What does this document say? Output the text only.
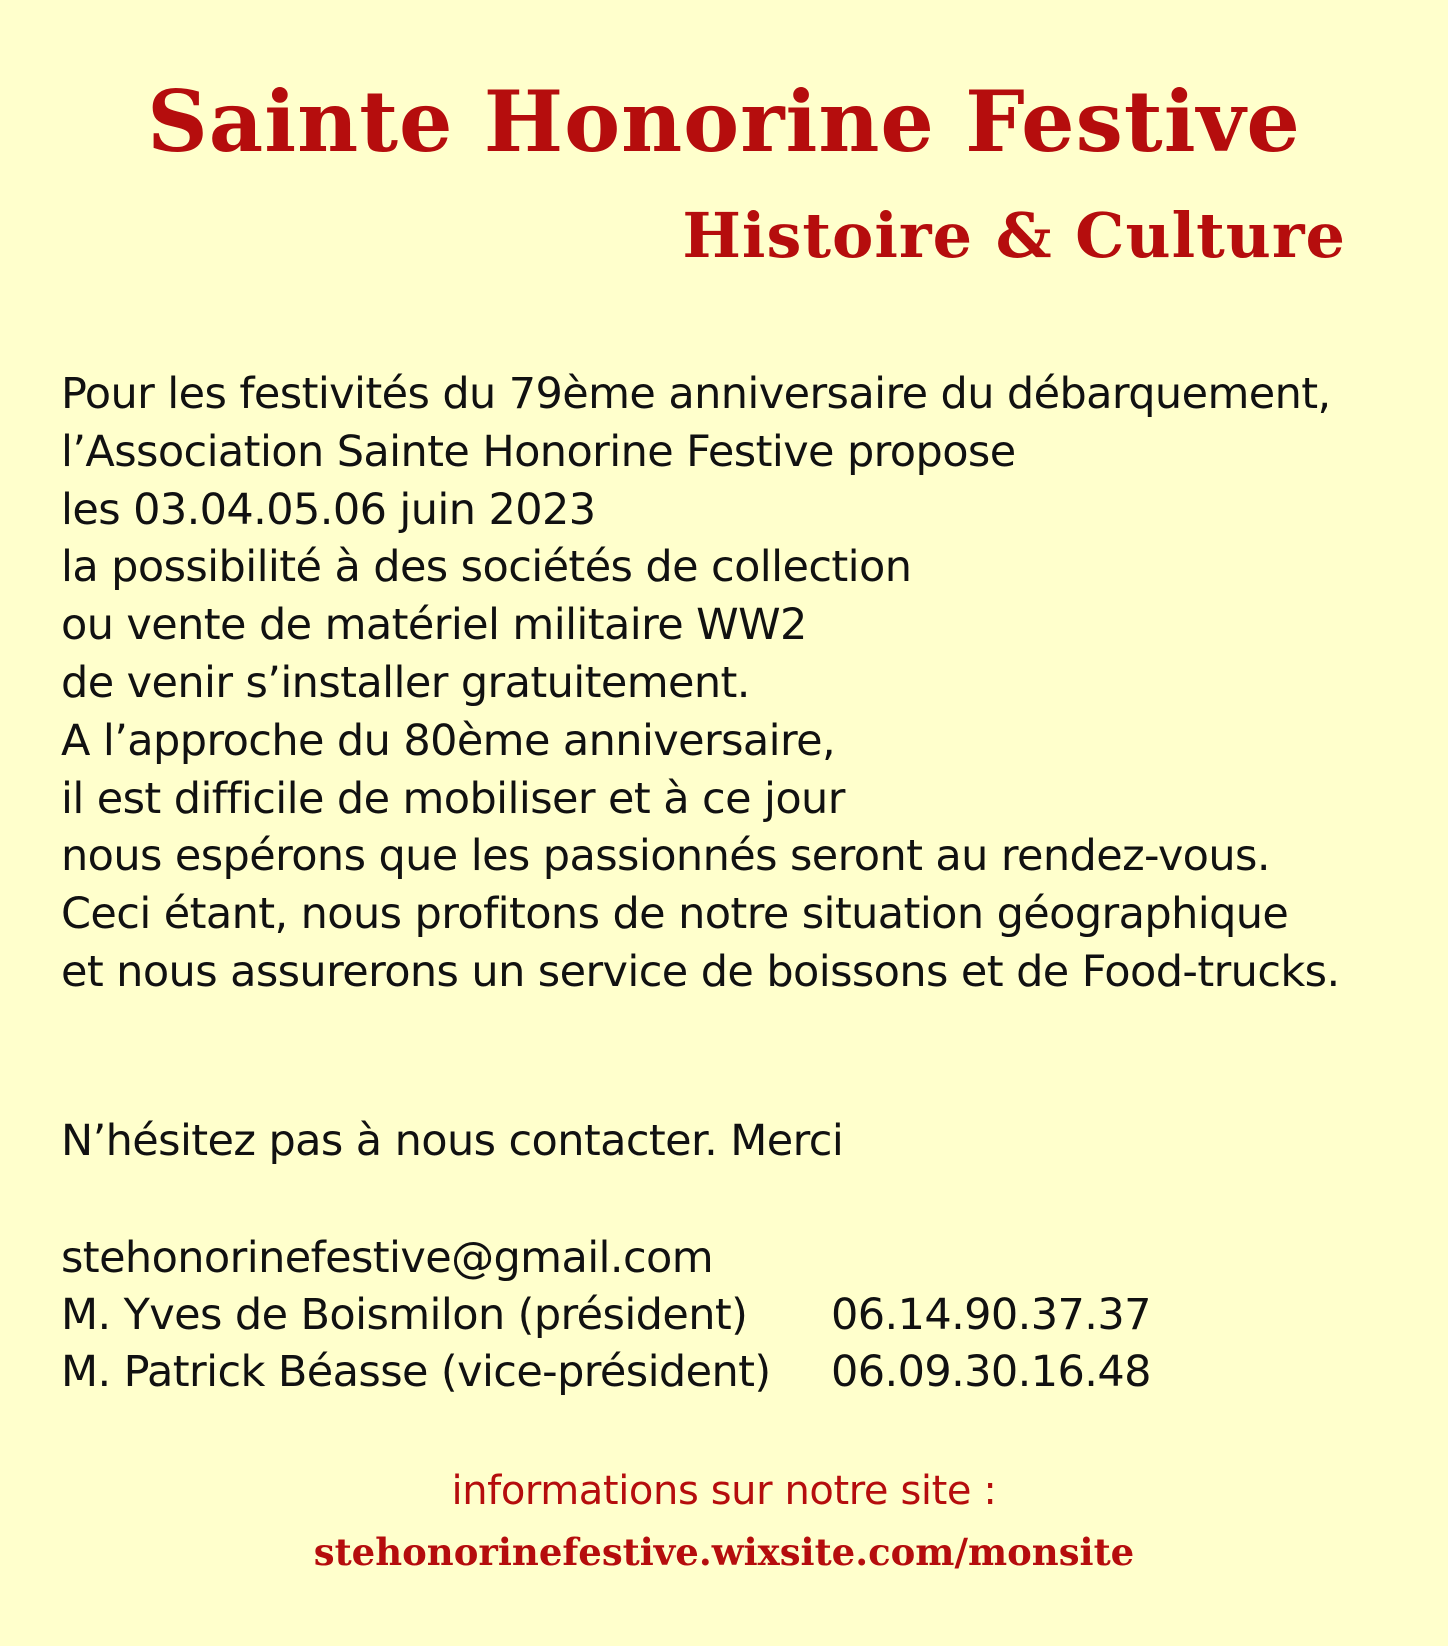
Sainte Honorine Festive
Histoire & Culture
Pour les festivités du 79ème anniversaire du débarquement,
l’Association Sainte Honorine Festive propose
les 03.04.05.06 juin 2023
la possibilité à des sociétés de collection
ou vente de matériel militaire WW2
de venir s’installer gratuitement.
A l’approche du 80ème anniversaire,
il est difficile de mobiliser et à ce jour
nous espérons que les passionnés seront au rendez-vous.
Ceci étant, nous profitons de notre situation géographique
et nous assurerons un service de boissons et de Food-trucks.
N’hésitez pas à nous contacter. Merci
stehonorinefestive@gmail.com
M. Yves de Boismilon (président) 06.14.90.37.37
M. Patrick Béasse (vice-président) 06.09.30.16.48
informations sur notre site :
stehonorinefestive.wixsite.com/monsite
